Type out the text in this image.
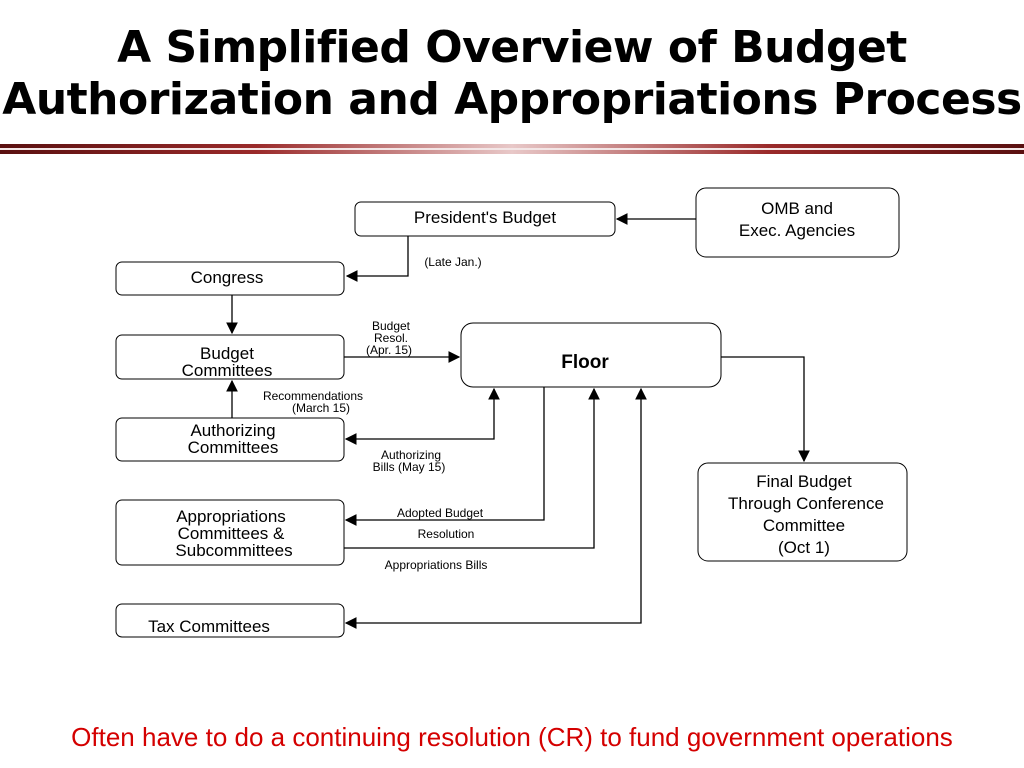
A Simplified Overview of Budget
Authorization and Appropriations Process
President's Budget	OMB and
Exec. Agencies
Congress
Budget
Committees	Floor
Authorizing
Committees
Appropriations
Committees &
Subcommittees
Tax Committees
Final Budget
Through Conference
Committee
(Oct 1)
(Late Jan.)
Budget
Resol.
(Apr. 15)
Recommendations
(March 15)
Authorizing
Bills (May 15)
Adopted Budget
Resolution
Appropriations Bills
Often have to do a continuing resolution (CR) to fund government operations
